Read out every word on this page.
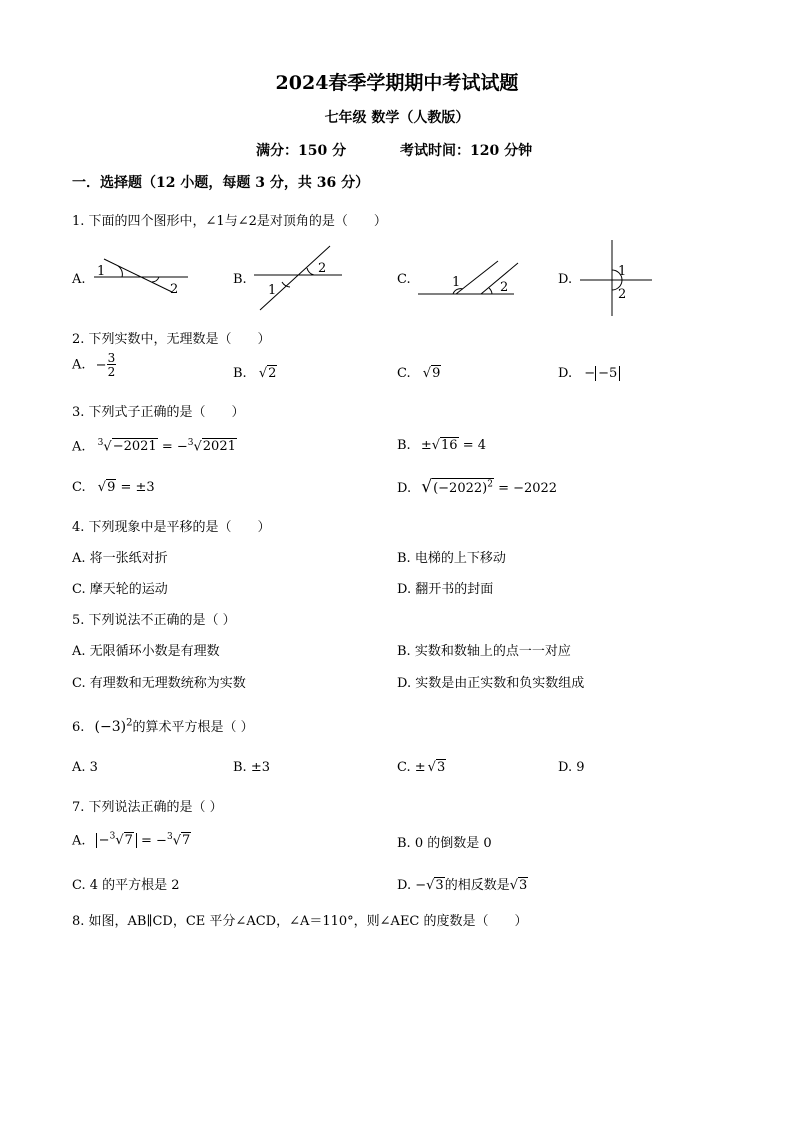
2024春季学期期中考试试题
七年级 数学（人教版）
满分：150 分	考试时间：120 分钟
一．选择题（12 小题，每题 3 分，共 36 分）
1. 下面的四个图形中，∠1与∠2是对顶角的是（　　）
A.
1
2
B.
1
2
C.	1	2
D.
1
2
2. 下列实数中，无理数是（　　）
A. − $\frac{3}{2}$	B. √2	C. √9	D. − −5
3. 下列式子正确的是（　　）
A. $^3$√−2021 = −$^3$√2021	B. ±√16 = 4
C. √9 = ±3	D. $√(-2022)^2 = -2022$
4. 下列现象中是平移的是（　　）
A. 将一张纸对折	B. 电梯的上下移动
C. 摩天轮的运动	D. 翻开书的封面
5. 下列说法不正确的是（ ）
A. 无限循环小数是有理数	B. 实数和数轴上的点一一对应
C. 有理数和无理数统称为实数	D. 实数是由正实数和负实数组成
6. $(-3)^2$的算术平方根是（ ）
A. 3	B. ±3	C. ± √3	D. 9
7. 下列说法正确的是（ ）
A. −$^3$√7 = −$^3$√7	B. 0 的倒数是 0
C. 4 的平方根是 2	D. −√3的相反数是√3
8. 如图，AB∥CD，CE 平分∠ACD，∠A＝110°，则∠AEC 的度数是（　　）
